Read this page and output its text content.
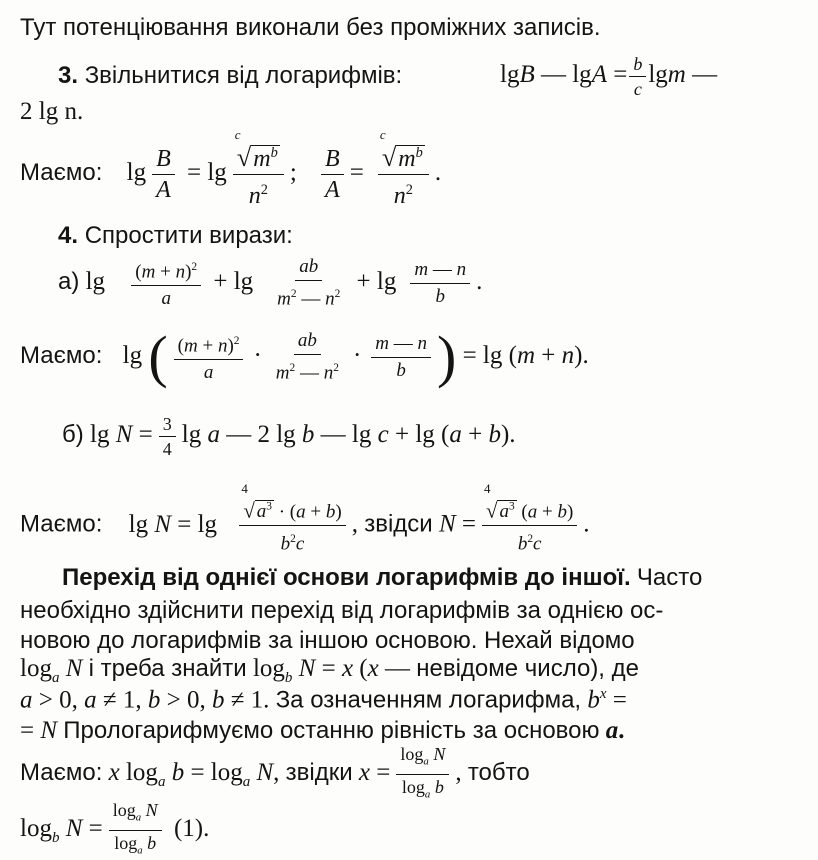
Тут потенціювання виконали без проміжних записів.
3. Звільнитися від логарифмів:	lgB — $\lg A = \frac{b}{c}$ lgm —
2 lg n.
Маємо: $\lg \frac{B}{A} = \lg c$
$√m^b$
$n^2$ ; $\frac{B}{A} = c$
$√m^b$
$n^2$ .
4. Спростити вирази:
а) $\lg \frac{(m + n)^2}{a} + \lg \frac{ab}{m^2 — n^2} + \lg \frac{m — n}{b}$ .
Маємо: lg ( $\frac{(m + n)^2}{a} \cdot \frac{ab}{m^2 — n^2} \cdot \frac{m — n}{b}$ ) = lg (m + n).
б) $\lg N = \frac{3}{4}$ lg a — 2 lg b — lg c + lg (a + b).
Маємо: lg N = lg 4
√ $a^3 \cdot (a + b)$
$b^2c$ , звідси N = 4
√ $a^3$ (a + b)
$b^2c$ .
Перехід від однієї основи логарифмів до іншої. Часто
необхідно здійснити перехід від логарифмів за однією ос-
новою до логарифмів за іншою основою. Нехай відомо
$\log_a N$ і треба знайти $\log_b N = x$ (x — невідоме число), де
a > 0, a ≠ 1, b > 0, b ≠ 1. За означенням логарифма, $b^x$ =
= N Прологарифмуємо останню рівність за основою a.
Маємо: x $\log_a b = \log_a N$, звідки $x = \frac{\log_a N}{\log_a b}$ , тобто
$\log_b N = \frac{\log_a N}{\log_a b} (1)$.
